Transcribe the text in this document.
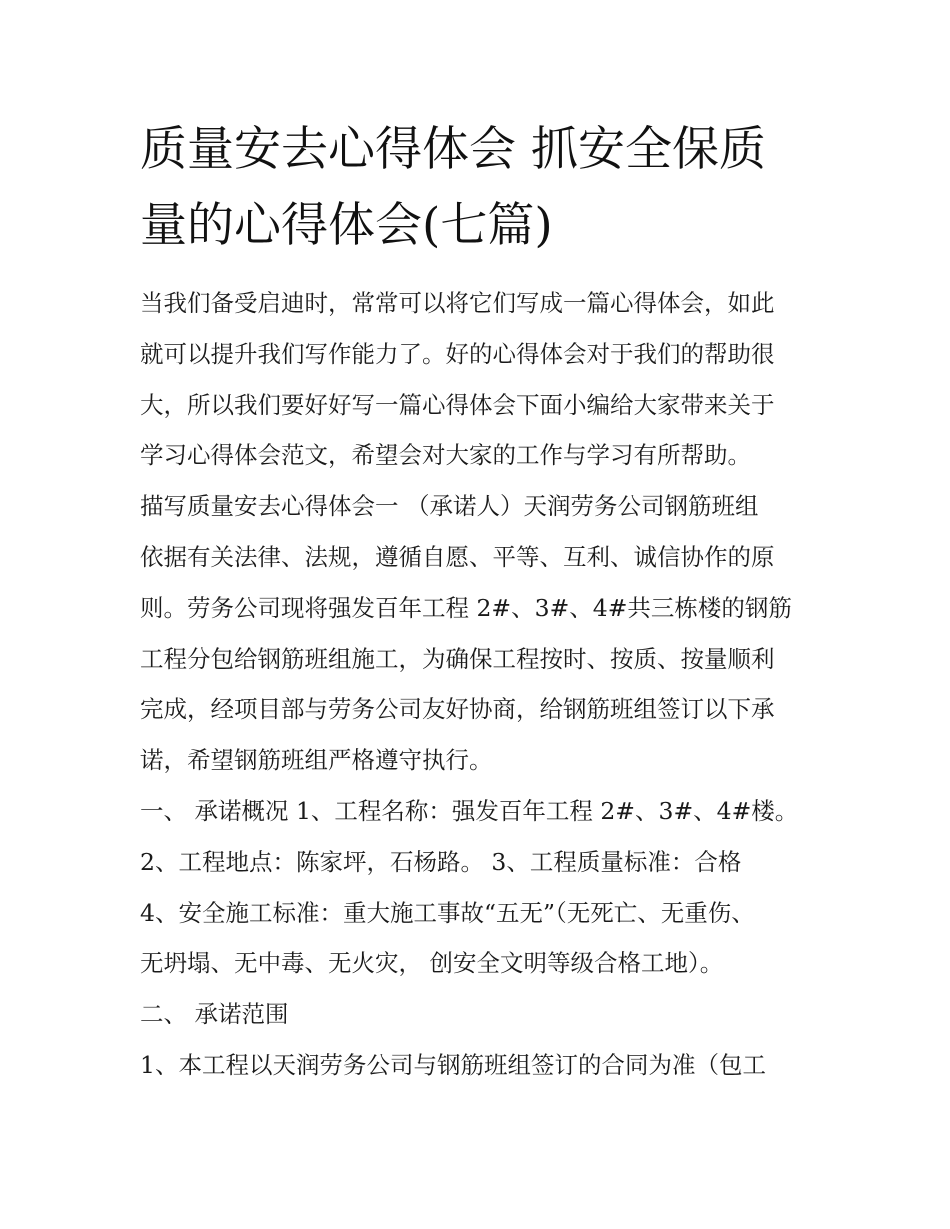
质量安去心得体会 抓安全保质
量的心得体会(七篇)
当我们备受启迪时，常常可以将它们写成一篇心得体会，如此
就可以提升我们写作能力了。好的心得体会对于我们的帮助很
大，所以我们要好好写一篇心得体会下面小编给大家带来关于
学习心得体会范文，希望会对大家的工作与学习有所帮助。
描写质量安去心得体会一 （承诺人）天润劳务公司钢筋班组
依据有关法律、法规，遵循自愿、平等、互利、诚信协作的原
则。劳务公司现将强发百年工程 2#、3#、4#共三栋楼的钢筋
工程分包给钢筋班组施工，为确保工程按时、按质、按量顺利
完成，经项目部与劳务公司友好协商，给钢筋班组签订以下承
诺，希望钢筋班组严格遵守执行。
一、 承诺概况 1、工程名称：强发百年工程 2#、3#、4#楼。
2、工程地点：陈家坪，石杨路。 3、工程质量标准：合格
4、安全施工标准：重大施工事故“五无”（无死亡、无重伤、
无坍塌、无中毒、无火灾， 创安全文明等级合格工地）。
二、 承诺范围
1、本工程以天润劳务公司与钢筋班组签订的合同为准（包工
